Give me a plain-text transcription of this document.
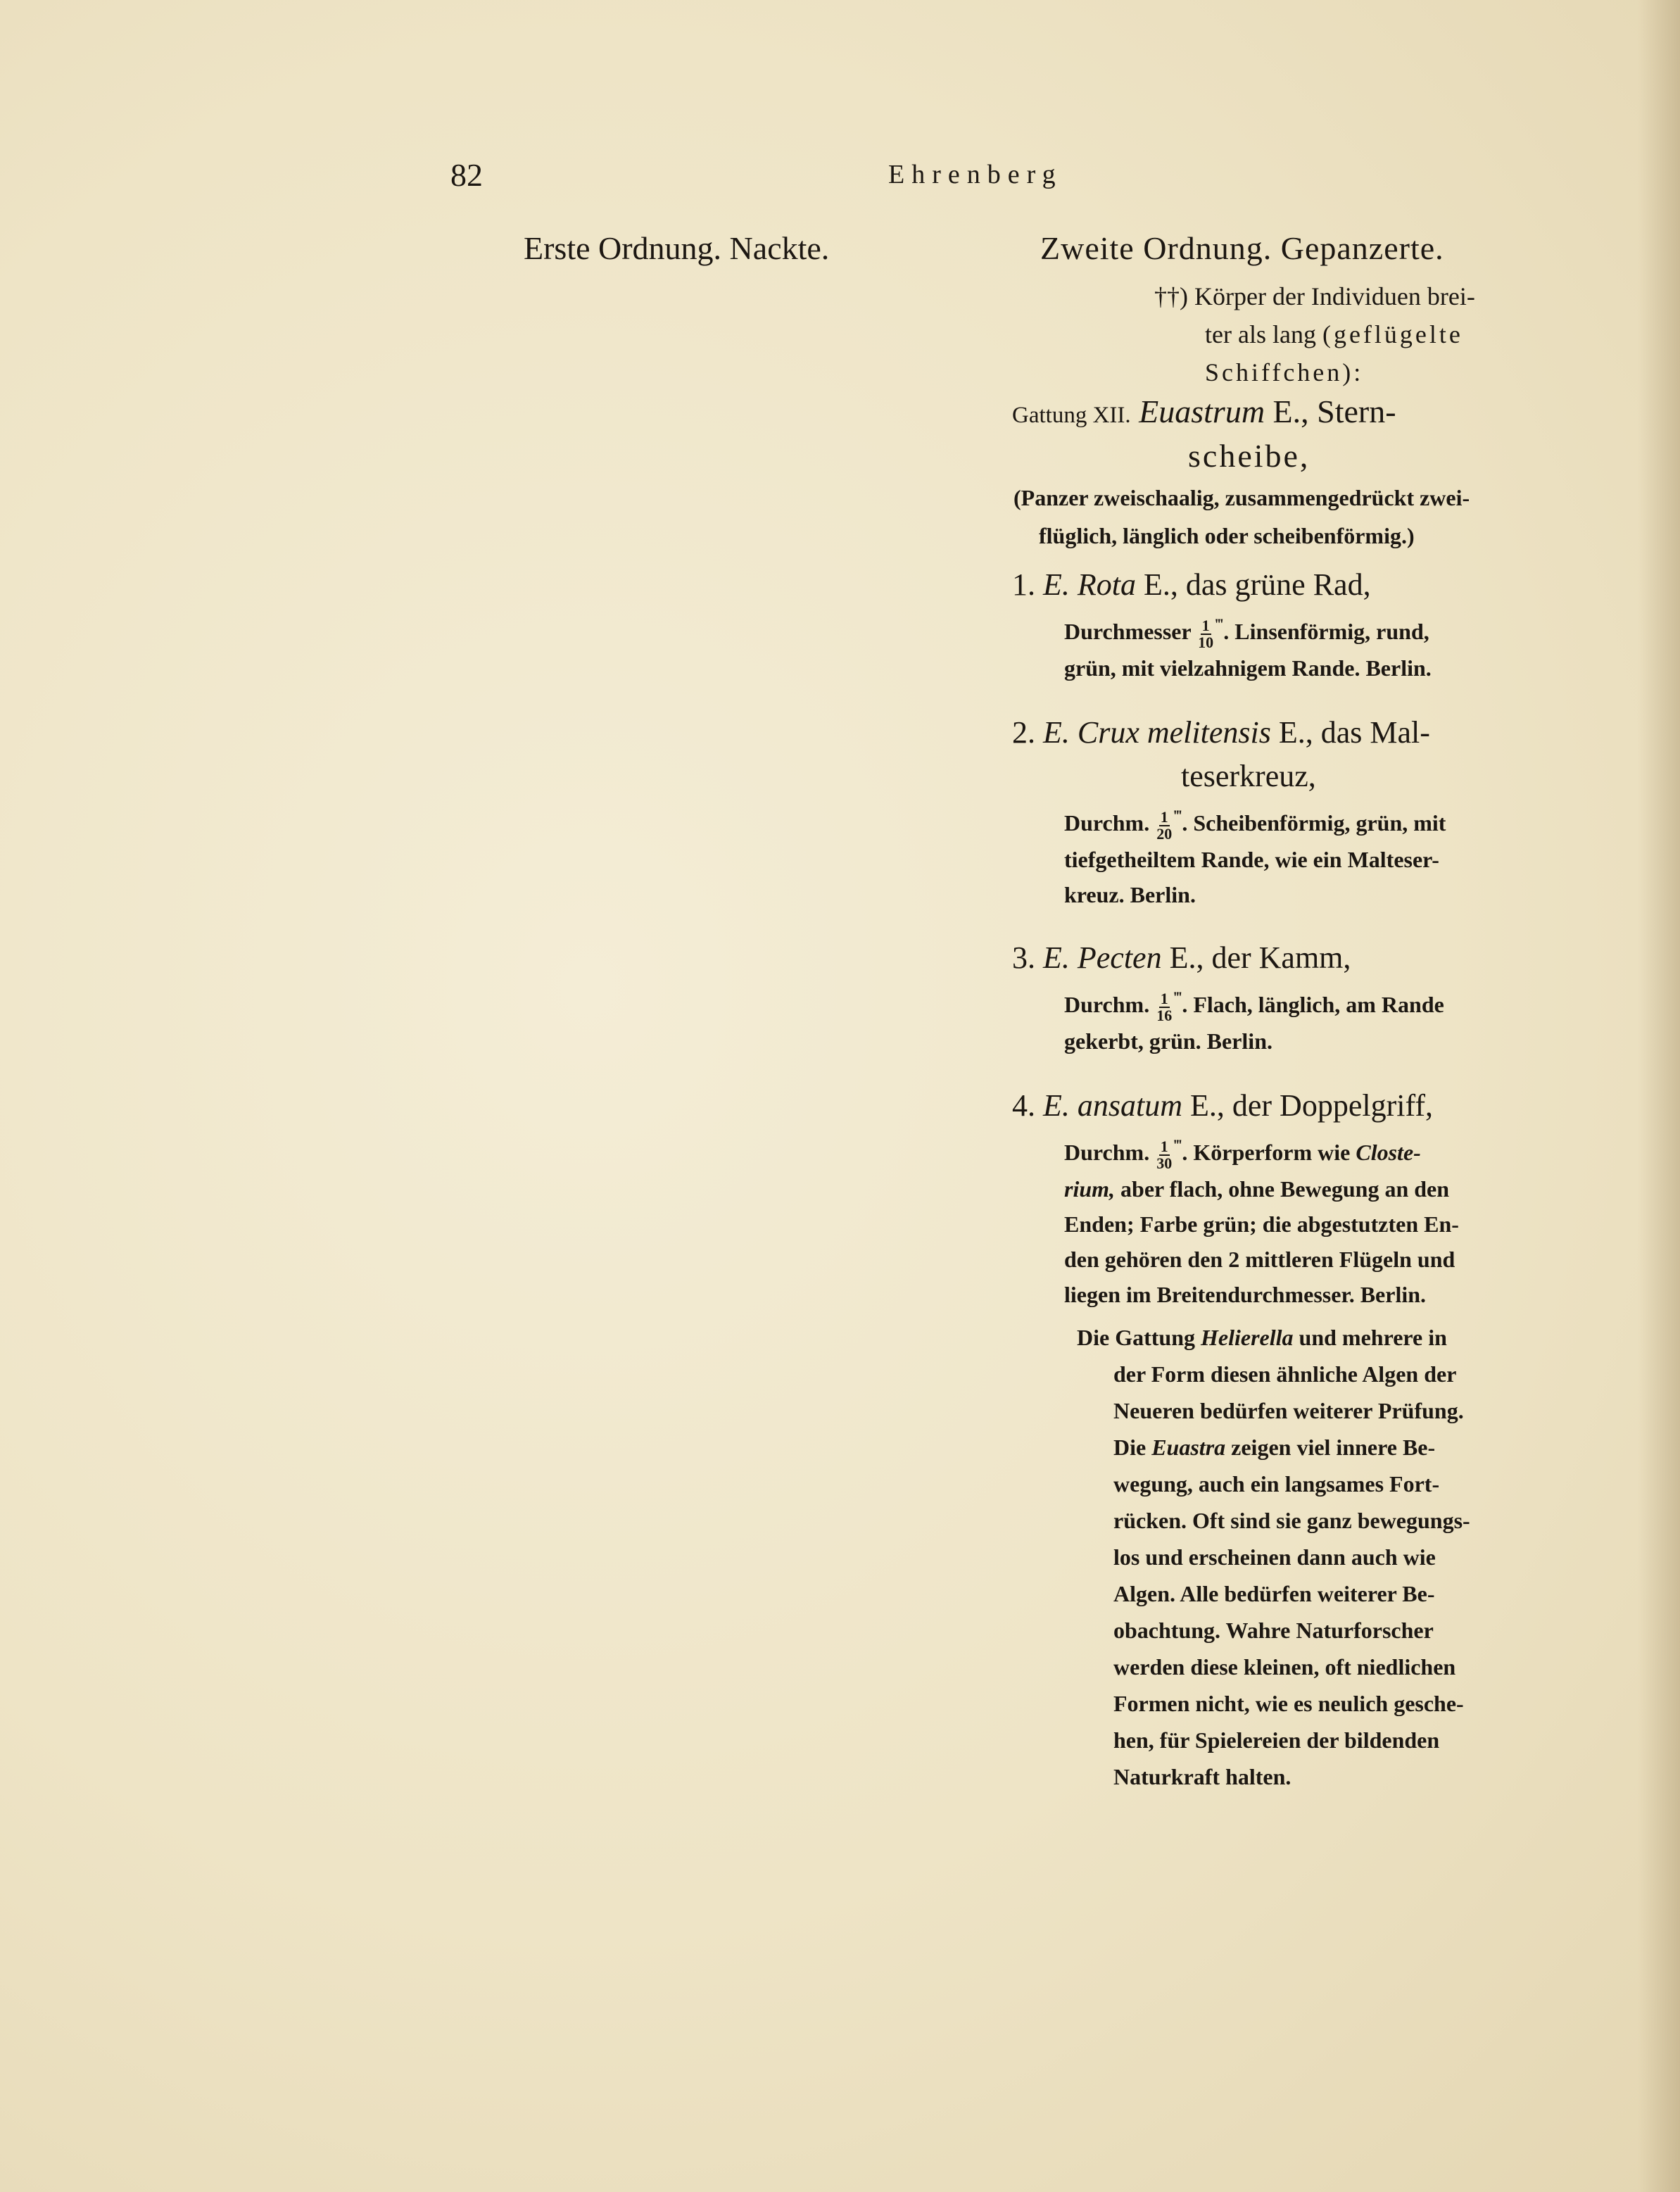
82	Ehrenberg
Erste Ordnung. Nackte.	Zweite Ordnung. Gepanzerte.
††) Körper der Individuen brei-
ter als lang (geflügelte
Schiffchen):
Gattung XII. Euastrum E., Stern-
scheibe,
(Panzer zweischaalig, zusammengedrückt zwei-
flüglich, länglich oder scheibenförmig.)
1. E. Rota E., das grüne Rad,
Durchmesser $\frac{1}{10} ^‴$. Linsenförmig, rund,
grün, mit vielzahnigem Rande. Berlin.
2. E. Crux melitensis E., das Mal-
teserkreuz,
Durchm. $\frac{1}{20} ^‴$. Scheibenförmig, grün, mit
tiefgetheiltem Rande, wie ein Malteser-
kreuz. Berlin.
3. E. Pecten E., der Kamm,
Durchm. $\frac{1}{16} ^‴$. Flach, länglich, am Rande
gekerbt, grün. Berlin.
4. E. ansatum E., der Doppelgriff,
Durchm. $\frac{1}{30} ^‴$. Körperform wie Closte-
rium, aber flach, ohne Bewegung an den
Enden; Farbe grün; die abgestutzten En-
den gehören den 2 mittleren Flügeln und
liegen im Breitendurchmesser. Berlin.
Die Gattung Helierella und mehrere in
der Form diesen ähnliche Algen der
Neueren bedürfen weiterer Prüfung.
Die Euastra zeigen viel innere Be-
wegung, auch ein langsames Fort-
rücken. Oft sind sie ganz bewegungs-
los und erscheinen dann auch wie
Algen. Alle bedürfen weiterer Be-
obachtung. Wahre Naturforscher
werden diese kleinen, oft niedlichen
Formen nicht, wie es neulich gesche-
hen, für Spielereien der bildenden
Naturkraft halten.
